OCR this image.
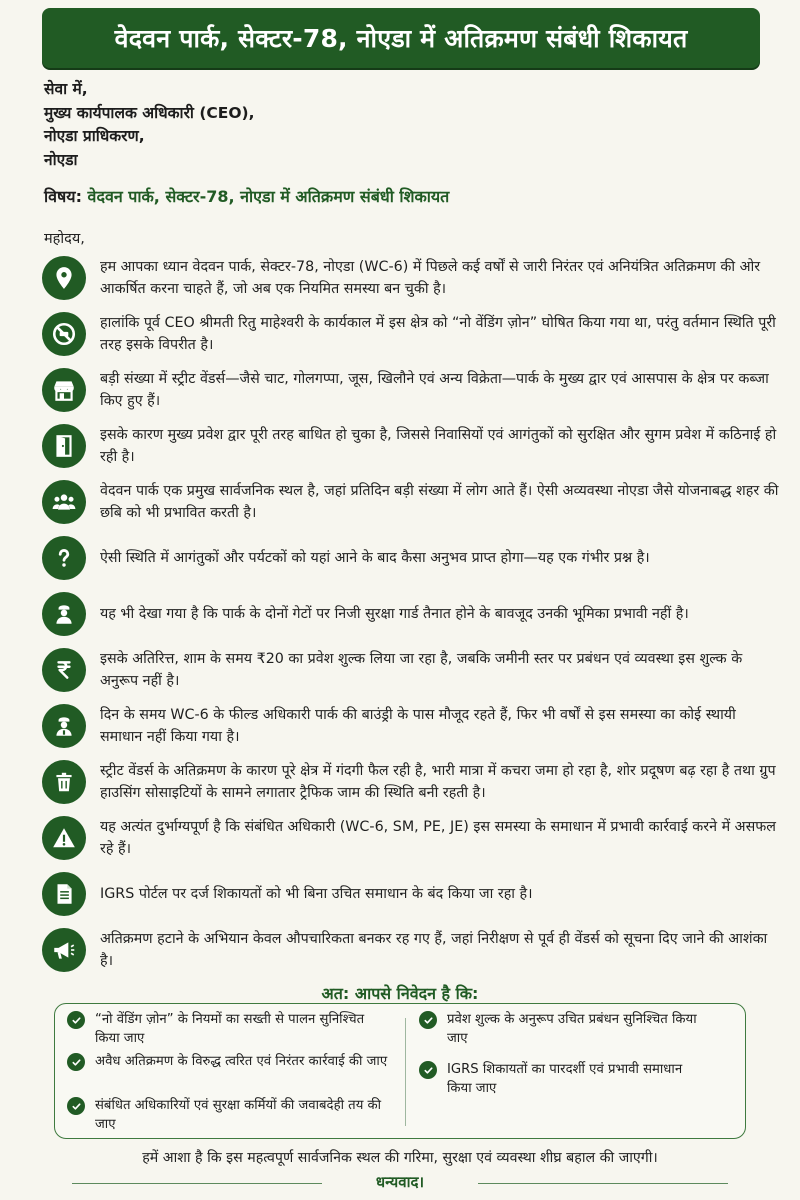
वेदवन पार्क, सेक्टर-78, नोएडा में अतिक्रमण संबंधी शिकायत
सेवा में,
मुख्य कार्यपालक अधिकारी (CEO),
नोएडा प्राधिकरण,
नोएडा
विषय: वेदवन पार्क, सेक्टर-78, नोएडा में अतिक्रमण संबंधी शिकायत
महोदय,
हम आपका ध्यान वेदवन पार्क, सेक्टर-78, नोएडा (WC-6) में पिछले कई वर्षों से जारी निरंतर एवं अनियंत्रित अतिक्रमण की ओर आकर्षित करना चाहते हैं, जो अब एक नियमित समस्या बन चुकी है।
हालांकि पूर्व CEO श्रीमती रितु माहेश्वरी के कार्यकाल में इस क्षेत्र को “नो वेंडिंग ज़ोन” घोषित किया गया था, परंतु वर्तमान स्थिति पूरी तरह इसके विपरीत है।
बड़ी संख्या में स्ट्रीट वेंडर्स—जैसे चाट, गोलगप्पा, जूस, खिलौने एवं अन्य विक्रेता—पार्क के मुख्य द्वार एवं आसपास के क्षेत्र पर कब्जा किए हुए हैं।
इसके कारण मुख्य प्रवेश द्वार पूरी तरह बाधित हो चुका है, जिससे निवासियों एवं आगंतुकों को सुरक्षित और सुगम प्रवेश में कठिनाई हो रही है।
वेदवन पार्क एक प्रमुख सार्वजनिक स्थल है, जहां प्रतिदिन बड़ी संख्या में लोग आते हैं। ऐसी अव्यवस्था नोएडा जैसे योजनाबद्ध शहर की छबि को भी प्रभावित करती है।
ऐसी स्थिति में आगंतुकों और पर्यटकों को यहां आने के बाद कैसा अनुभव प्राप्त होगा—यह एक गंभीर प्रश्न है।
यह भी देखा गया है कि पार्क के दोनों गेटों पर निजी सुरक्षा गार्ड तैनात होने के बावजूद उनकी भूमिका प्रभावी नहीं है।
इसके अतिरित्त, शाम के समय ₹20 का प्रवेश शुल्क लिया जा रहा है, जबकि जमीनी स्तर पर प्रबंधन एवं व्यवस्था इस शुल्क के अनुरूप नहीं है।
दिन के समय WC-6 के फील्ड अधिकारी पार्क की बाउंड्री के पास मौजूद रहते हैं, फिर भी वर्षों से इस समस्या का कोई स्थायी समाधान नहीं किया गया है।
स्ट्रीट वेंडर्स के अतिक्रमण के कारण पूरे क्षेत्र में गंदगी फैल रही है, भारी मात्रा में कचरा जमा हो रहा है, शोर प्रदूषण बढ़ रहा है तथा ग्रुप हाउसिंग सोसाइटियों के सामने लगातार ट्रैफिक जाम की स्थिति बनी रहती है।
यह अत्यंत दुर्भाग्यपूर्ण है कि संबंधित अधिकारी (WC-6, SM, PE, JE) इस समस्या के समाधान में प्रभावी कार्रवाई करने में असफल रहे हैं।
IGRS पोर्टल पर दर्ज शिकायतों को भी बिना उचित समाधान के बंद किया जा रहा है।
अतिक्रमण हटाने के अभियान केवल औपचारिकता बनकर रह गए हैं, जहां निरीक्षण से पूर्व ही वेंडर्स को सूचना दिए जाने की आशंका है।
अत: आपसे निवेदन है कि:
“नो वेंडिंग ज़ोन” के नियमों का सख्ती से पालन सुनिश्चित किया जाए
अवैध अतिक्रमण के विरुद्ध त्वरित एवं निरंतर कार्रवाई की जाए
संबंधित अधिकारियों एवं सुरक्षा कर्मियों की जवाबदेही तय की जाए
प्रवेश शुल्क के अनुरूप उचित प्रबंधन सुनिश्चित किया जाए
IGRS शिकायतों का पारदर्शी एवं प्रभावी समाधान किया जाए
हमें आशा है कि इस महत्वपूर्ण सार्वजनिक स्थल की गरिमा, सुरक्षा एवं व्यवस्था शीघ्र बहाल की जाएगी।
धन्यवाद।
